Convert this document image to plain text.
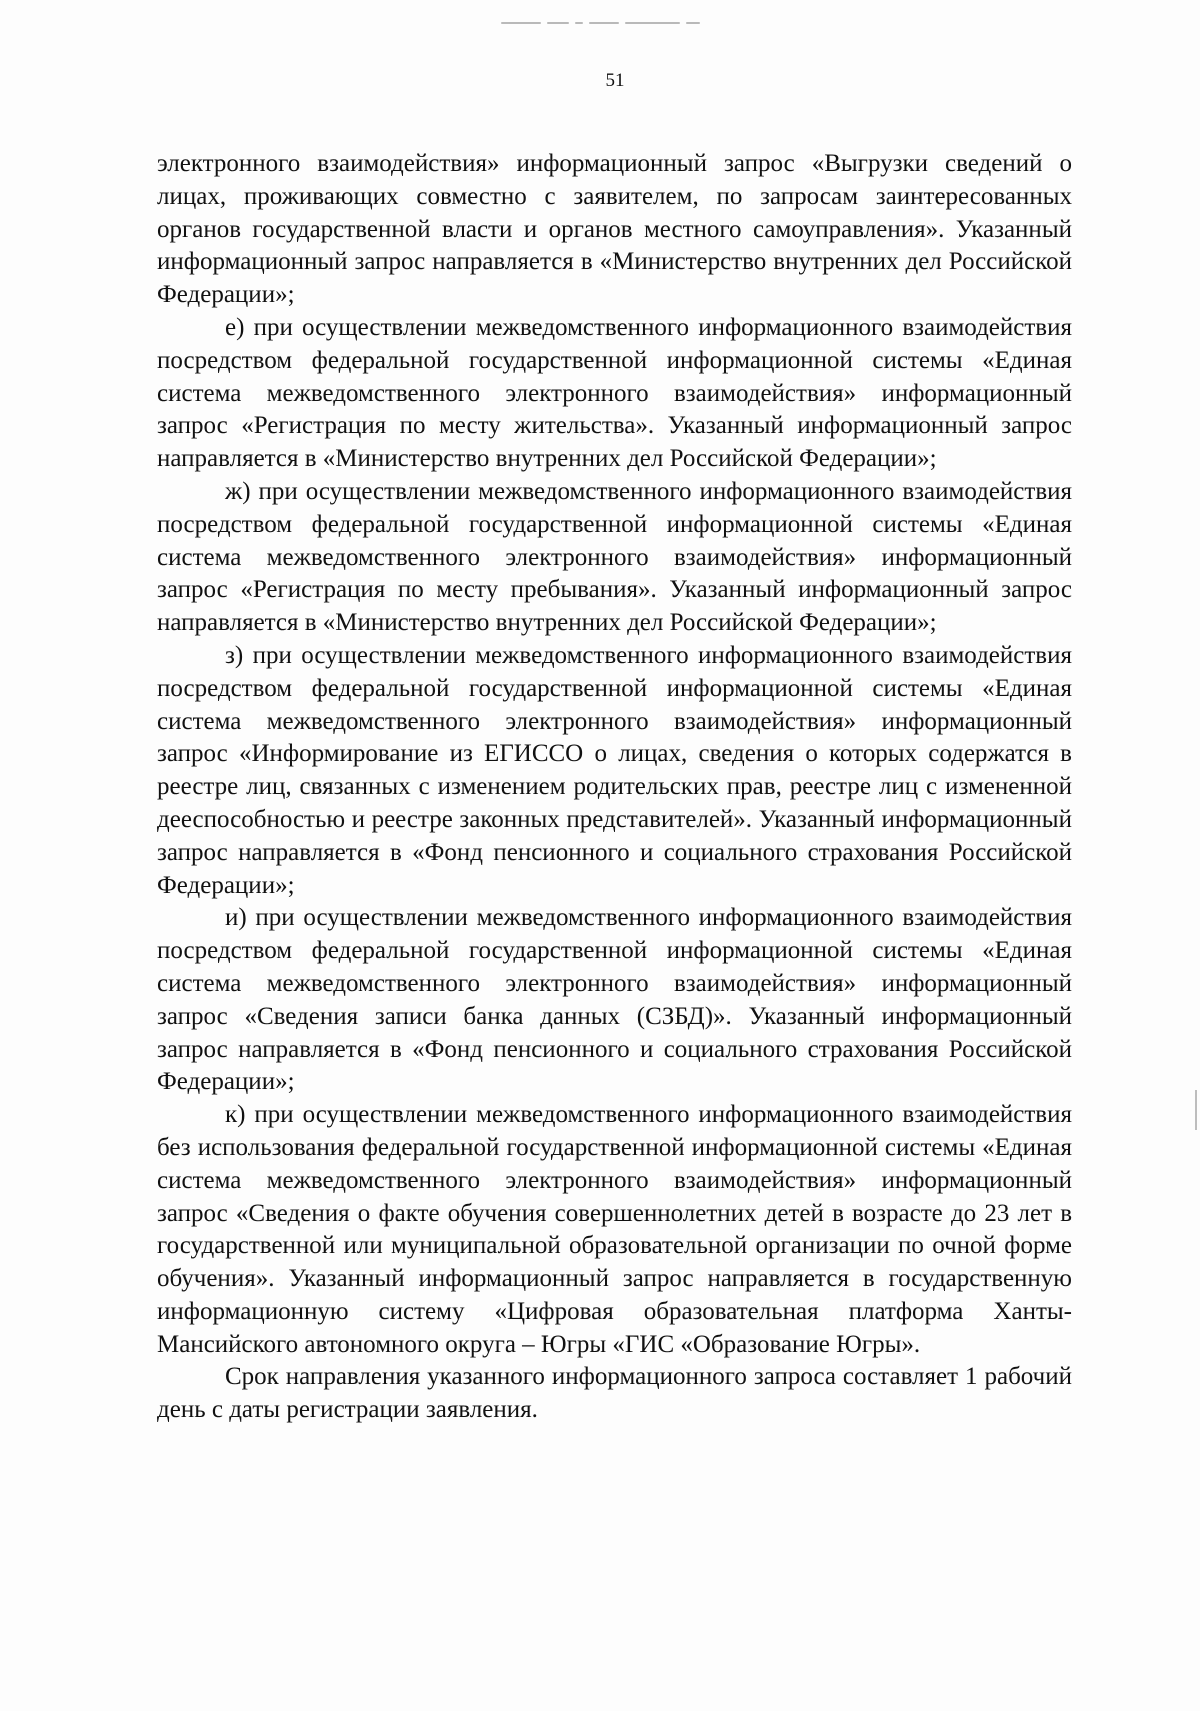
51

электронного взаимодействия» информационный запрос «Выгрузки сведений о лицах, проживающих совместно с заявителем, по запросам заинтересованных органов государственной власти и органов местного самоуправления». Указанный информационный запрос направляется в «Министерство внутренних дел Российской Федерации»;

е) при осуществлении межведомственного информационного взаимодействия посредством федеральной государственной информационной системы «Единая система межведомственного электронного взаимодействия» информационный запрос «Регистрация по месту жительства». Указанный информационный запрос направляется в «Министерство внутренних дел Российской Федерации»;

ж) при осуществлении межведомственного информационного взаимодействия посредством федеральной государственной информационной системы «Единая система межведомственного электронного взаимодействия» информационный запрос «Регистрация по месту пребывания». Указанный информационный запрос направляется в «Министерство внутренних дел Российской Федерации»;

з) при осуществлении межведомственного информационного взаимодействия посредством федеральной государственной информационной системы «Единая система межведомственного электронного взаимодействия» информационный запрос «Информирование из ЕГИССО о лицах, сведения о которых содержатся в реестре лиц, связанных с изменением родительских прав, реестре лиц с измененной дееспособностью и реестре законных представителей». Указанный информационный запрос направляется в «Фонд пенсионного и социального страхования Российской Федерации»;

и) при осуществлении межведомственного информационного взаимодействия посредством федеральной государственной информационной системы «Единая система межведомственного электронного взаимодействия» информационный запрос «Сведения записи банка данных (СЗБД)». Указанный информационный запрос направляется в «Фонд пенсионного и социального страхования Российской Федерации»;

к) при осуществлении межведомственного информационного взаимодействия без использования федеральной государственной информационной системы «Единая система межведомственного электронного взаимодействия» информационный запрос «Сведения о факте обучения совершеннолетних детей в возрасте до 23 лет в государственной или муниципальной образовательной организации по очной форме обучения». Указанный информационный запрос направляется в государственную информационную систему «Цифровая образовательная платформа Ханты-Мансийского автономного округа – Югры «ГИС «Образование Югры».

Срок направления указанного информационного запроса составляет 1 рабочий день с даты регистрации заявления.
